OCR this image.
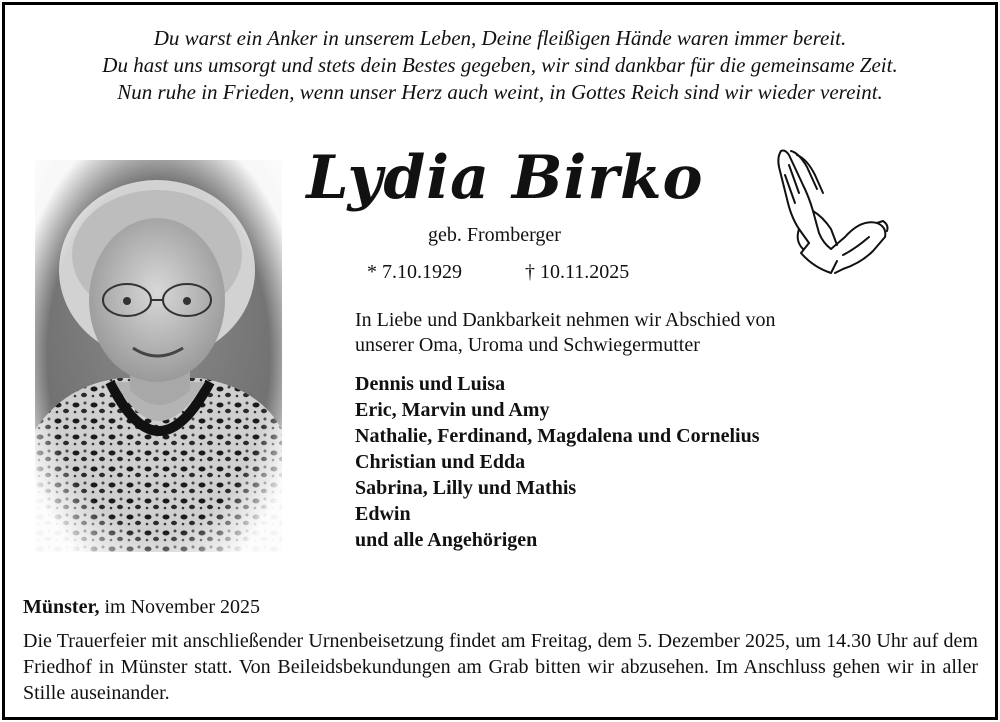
Du warst ein Anker in unserem Leben, Deine fleißigen Hände waren immer bereit.
Du hast uns umsorgt und stets dein Bestes gegeben, wir sind dankbar für die gemeinsame Zeit.
Nun ruhe in Frieden, wenn unser Herz auch weint, in Gottes Reich sind wir wieder vereint.
Lydia Birko
geb. Fromberger
* 7.10.1929	† 10.11.2025
In Liebe und Dankbarkeit nehmen wir Abschied von
unserer Oma, Uroma und Schwiegermutter
Dennis und Luisa
Eric, Marvin und Amy
Nathalie, Ferdinand, Magdalena und Cornelius
Christian und Edda
Sabrina, Lilly und Mathis
Edwin
und alle Angehörigen
Münster, im November 2025
Die Trauerfeier mit anschließender Urnenbeisetzung findet am Freitag, dem 5. Dezember 2025, um 14.30 Uhr auf dem Friedhof in Münster statt. Von Beileidsbekundungen am Grab bitten wir abzusehen. Im Anschluss gehen wir in aller Stille auseinander.
